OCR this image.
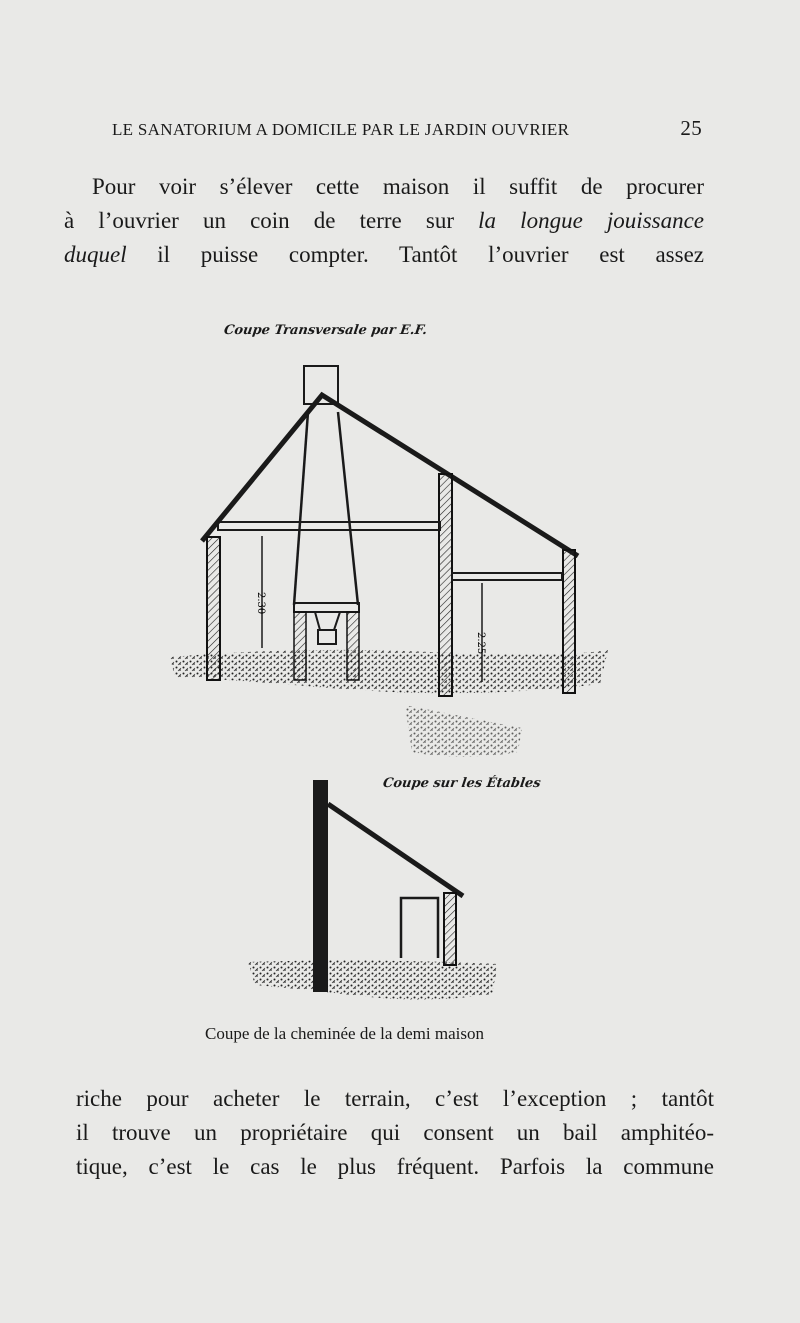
LE SANATORIUM A DOMICILE PAR LE JARDIN OUVRIER	25
Pour voir s’élever cette maison il suffit de procurer
à l’ouvrier un coin de terre sur la longue jouissance
duquel il puisse compter. Tantôt l’ouvrier est assez
Coupe Transversale par E.F.
Coupe sur les Étables
2.30
2.25
Coupe de la cheminée de la demi maison
riche pour acheter le terrain, c’est l’exception ; tantôt
il trouve un propriétaire qui consent un bail amphitéo-
tique, c’est le cas le plus fréquent. Parfois la commune
